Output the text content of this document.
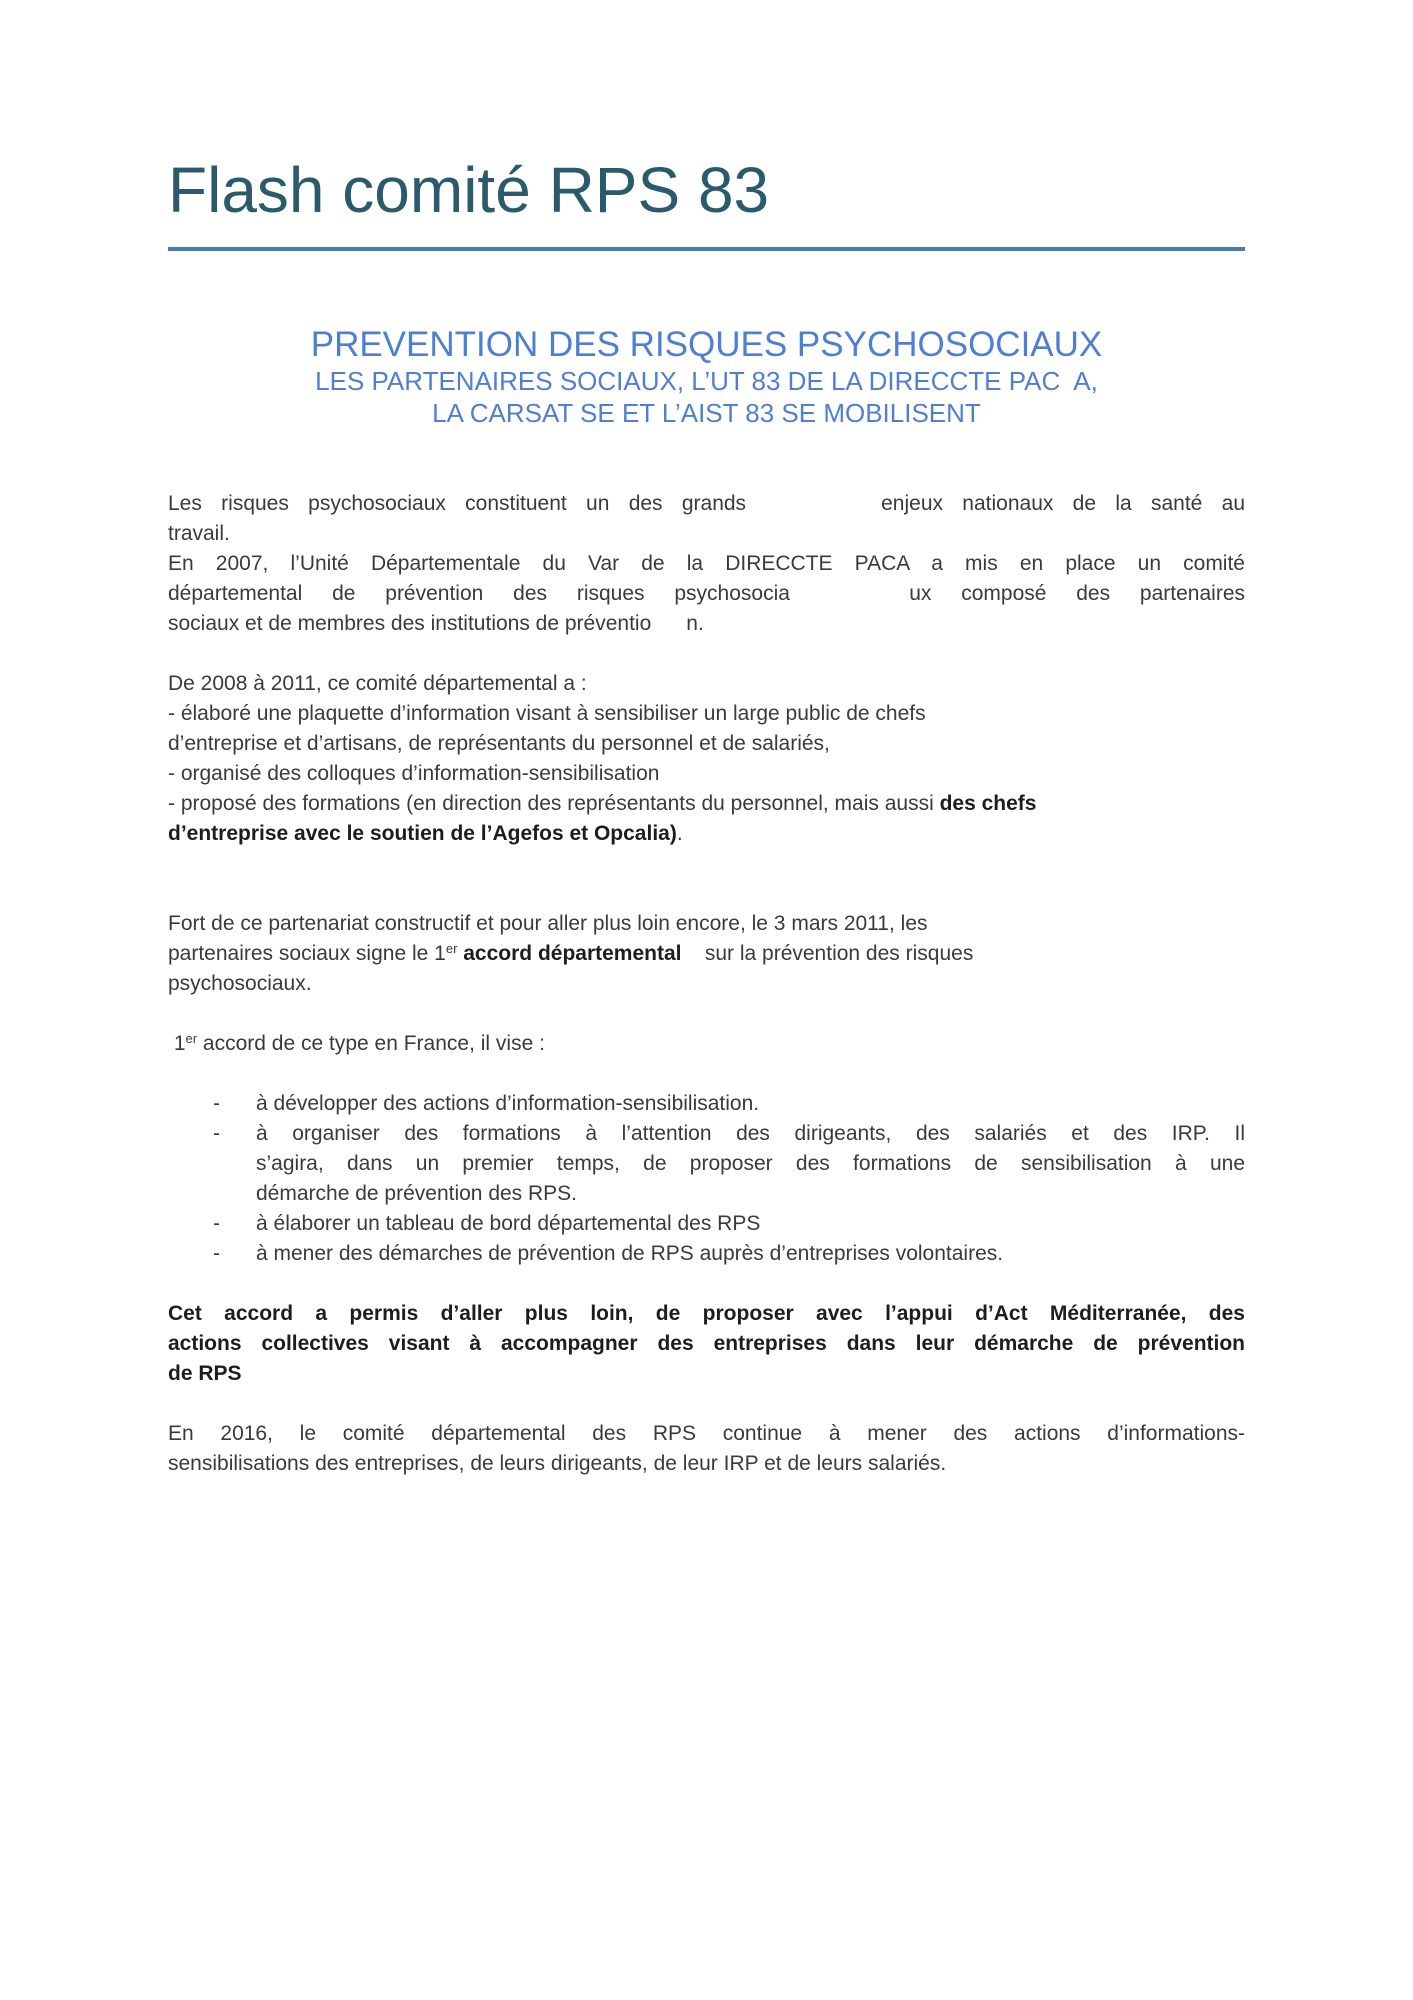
Flash comité RPS 83
PREVENTION DES RISQUES PSYCHOSOCIAUX
LES PARTENAIRES SOCIAUX, L’UT 83 DE LA DIRECCTE PAC  A,
LA CARSAT SE ET L’AIST 83 SE MOBILISENT
Les risques psychosociaux constituent un des grands       enjeux nationaux de la santé au
travail.
En 2007, l’Unité Départementale du Var de la DIRECCTE PACA a mis en place un comité
départemental de prévention des risques psychosocia    ux composé des partenaires
sociaux et de membres des institutions de préventio      n.
De 2008 à 2011, ce comité départemental a :
- élaboré une plaquette d’information visant à sensibiliser un large public de chefs
d’entreprise et d’artisans, de représentants du personnel et de salariés,
- organisé des colloques d’information-sensibilisation
- proposé des formations (en direction des représentants du personnel, mais aussi des chefs
d’entreprise avec le soutien de l’Agefos et Opcalia).
Fort de ce partenariat constructif et pour aller plus loin encore, le 3 mars 2011, les
partenaires sociaux signe le 1er accord départemental    sur la prévention des risques
psychosociaux.
1er accord de ce type en France, il vise :
- à développer des actions d’information-sensibilisation.
- à organiser des formations à l’attention des dirigeants, des salariés et des IRP. Il
s’agira, dans un premier temps, de proposer des formations de sensibilisation à une
démarche de prévention des RPS.
- à élaborer un tableau de bord départemental des RPS
- à mener des démarches de prévention de RPS auprès d’entreprises volontaires.
Cet accord a permis d’aller plus loin, de proposer avec l’appui d’Act Méditerranée, des
actions collectives visant à accompagner des entreprises dans leur démarche de prévention
de RPS
En 2016, le comité départemental des RPS continue à mener des actions d’informations-
sensibilisations des entreprises, de leurs dirigeants, de leur IRP et de leurs salariés.
